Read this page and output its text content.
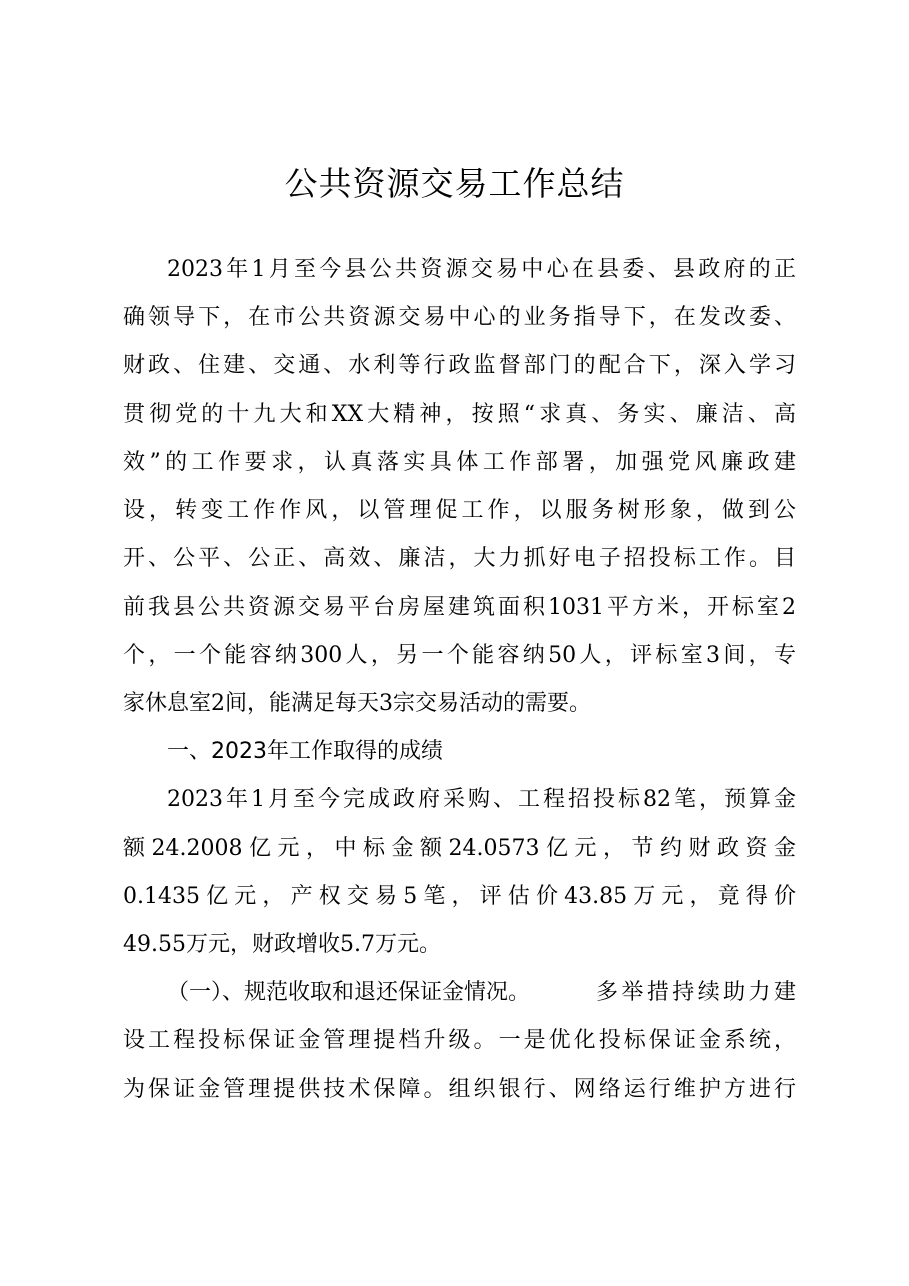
公共资源交易工作总结
2023年1月至今县公共资源交易中心在县委、县政府的正
确领导下，在市公共资源交易中心的业务指导下，在发改委、
财政、住建、交通、水利等行政监督部门的配合下，深入学习
贯彻党的十九大和XX大精神，按照“求真、务实、廉洁、高
效”的工作要求，认真落实具体工作部署，加强党风廉政建
设，转变工作作风，以管理促工作，以服务树形象，做到公
开、公平、公正、高效、廉洁，大力抓好电子招投标工作。目
前我县公共资源交易平台房屋建筑面积1031平方米，开标室2
个，一个能容纳300人，另一个能容纳50人，评标室3间，专
家休息室2间，能满足每天3宗交易活动的需要。
一、2023年工作取得的成绩
2023年1月至今完成政府采购、工程招投标82笔，预算金
额24.2008亿元，中标金额24.0573亿元，节约财政资金
0.1435亿元，产权交易5笔，评估价43.85万元，竟得价
49.55万元，财政增收5.7万元。
（一）、规范收取和退还保证金情况。	多举措持续助力建
设工程投标保证金管理提档升级。一是优化投标保证金系统，
为保证金管理提供技术保障。组织银行、网络运行维护方进行
